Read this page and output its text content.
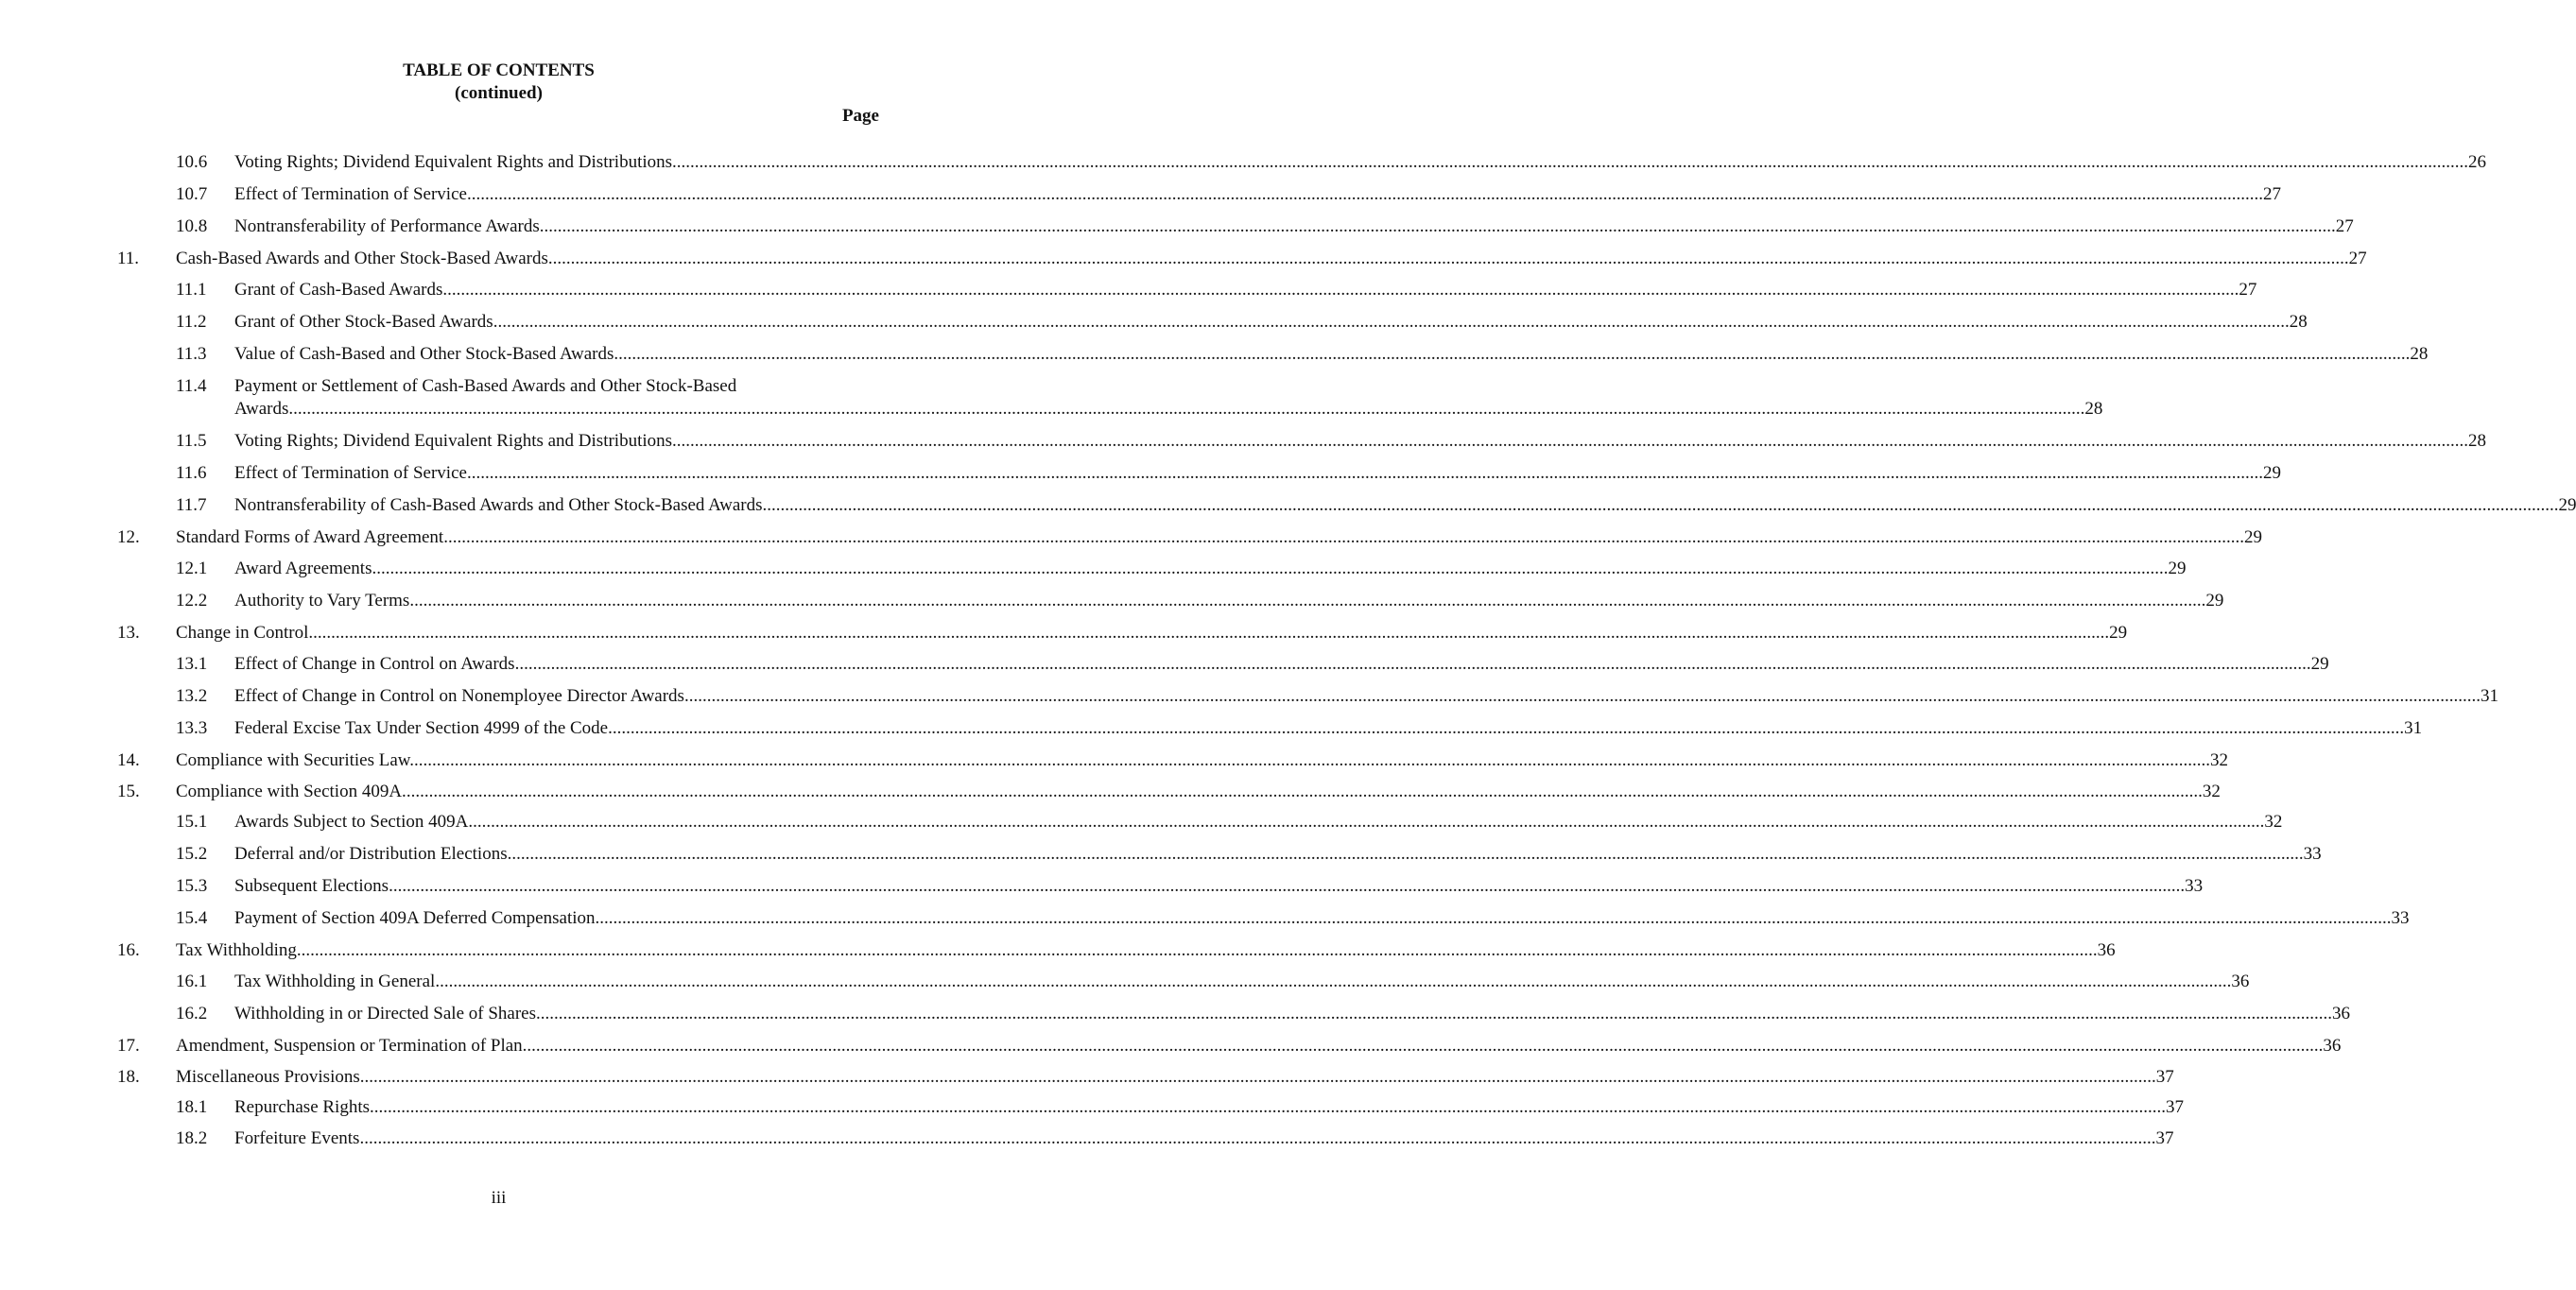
TABLE OF CONTENTS
(continued)
Page
10.6 Voting Rights; Dividend Equivalent Rights and Distributions ................................................................................................................................................................................................................................................................................................................................................................................................................ 26
10.7 Effect of Termination of Service ................................................................................................................................................................................................................................................................................................................................................................................................................ 27
10.8 Nontransferability of Performance Awards ................................................................................................................................................................................................................................................................................................................................................................................................................ 27
11. Cash-Based Awards and Other Stock-Based Awards. ................................................................................................................................................................................................................................................................................................................................................................................................................ 27
11.1 Grant of Cash-Based Awards ................................................................................................................................................................................................................................................................................................................................................................................................................ 27
11.2 Grant of Other Stock-Based Awards ................................................................................................................................................................................................................................................................................................................................................................................................................ 28
11.3 Value of Cash-Based and Other Stock-Based Awards ................................................................................................................................................................................................................................................................................................................................................................................................................ 28
11.4 Payment or Settlement of Cash-Based Awards and Other Stock-Based
Awards ................................................................................................................................................................................................................................................................................................................................................................................................................ 28
11.5 Voting Rights; Dividend Equivalent Rights and Distributions ................................................................................................................................................................................................................................................................................................................................................................................................................ 28
11.6 Effect of Termination of Service ................................................................................................................................................................................................................................................................................................................................................................................................................ 29
11.7 Nontransferability of Cash-Based Awards and Other Stock-Based Awards ................................................................................................................................................................................................................................................................................................................................................................................................................ 29
12. Standard Forms of Award Agreement. ................................................................................................................................................................................................................................................................................................................................................................................................................ 29
12.1 Award Agreements ................................................................................................................................................................................................................................................................................................................................................................................................................ 29
12.2 Authority to Vary Terms ................................................................................................................................................................................................................................................................................................................................................................................................................ 29
13. Change in Control. ................................................................................................................................................................................................................................................................................................................................................................................................................ 29
13.1 Effect of Change in Control on Awards ................................................................................................................................................................................................................................................................................................................................................................................................................ 29
13.2 Effect of Change in Control on Nonemployee Director Awards ................................................................................................................................................................................................................................................................................................................................................................................................................ 31
13.3 Federal Excise Tax Under Section 4999 of the Code ................................................................................................................................................................................................................................................................................................................................................................................................................ 31
14. Compliance with Securities Law. ................................................................................................................................................................................................................................................................................................................................................................................................................ 32
15. Compliance with Section 409A. ................................................................................................................................................................................................................................................................................................................................................................................................................ 32
15.1 Awards Subject to Section 409A ................................................................................................................................................................................................................................................................................................................................................................................................................ 32
15.2 Deferral and/or Distribution Elections ................................................................................................................................................................................................................................................................................................................................................................................................................ 33
15.3 Subsequent Elections ................................................................................................................................................................................................................................................................................................................................................................................................................ 33
15.4 Payment of Section 409A Deferred Compensation ................................................................................................................................................................................................................................................................................................................................................................................................................ 33
16. Tax Withholding. ................................................................................................................................................................................................................................................................................................................................................................................................................ 36
16.1 Tax Withholding in General ................................................................................................................................................................................................................................................................................................................................................................................................................ 36
16.2 Withholding in or Directed Sale of Shares ................................................................................................................................................................................................................................................................................................................................................................................................................ 36
17. Amendment, Suspension or Termination of Plan. ................................................................................................................................................................................................................................................................................................................................................................................................................ 36
18. Miscellaneous Provisions ................................................................................................................................................................................................................................................................................................................................................................................................................ 37
18.1 Repurchase Rights ................................................................................................................................................................................................................................................................................................................................................................................................................ 37
18.2 Forfeiture Events ................................................................................................................................................................................................................................................................................................................................................................................................................ 37
iii
